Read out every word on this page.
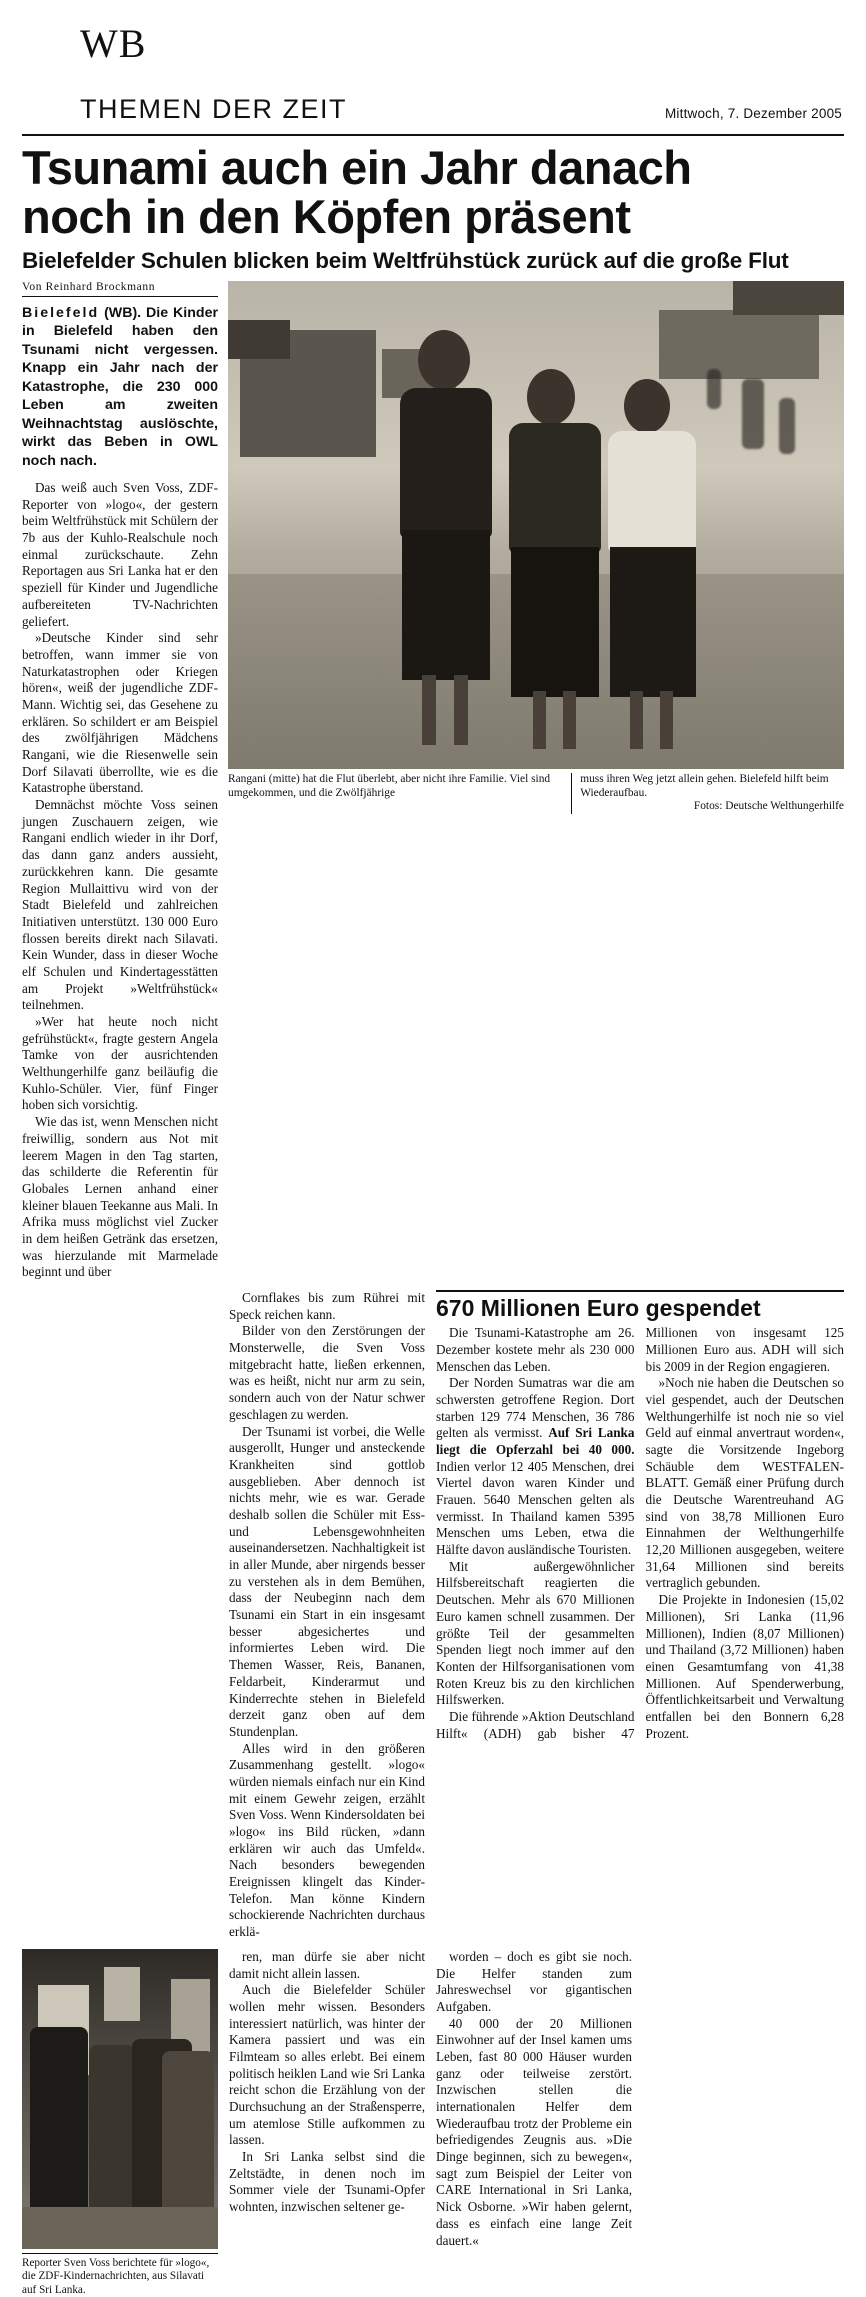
WB
THEMEN DER ZEIT	Mittwoch, 7. Dezember 2005
Tsunami auch ein Jahr danach
noch in den Köpfen präsent
Bielefelder Schulen blicken beim Weltfrühstück zurück auf die große Flut
Von Reinhard Brockmann

Bielefeld (WB). Die Kinder in Bielefeld haben den Tsunami nicht vergessen. Knapp ein Jahr nach der Katastrophe, die 230 000 Leben am zweiten Weihnachtstag auslöschte, wirkt das Beben in OWL noch nach.

Das weiß auch Sven Voss, ZDF-Reporter von »logo«, der gestern beim Weltfrühstück mit Schülern der 7b aus der Kuhlo-Realschule noch einmal zurückschaute. Zehn Reportagen aus Sri Lanka hat er den speziell für Kinder und Jugendliche aufbereiteten TV-Nachrichten geliefert.

»Deutsche Kinder sind sehr betroffen, wann immer sie von Naturkatastrophen oder Kriegen hören«, weiß der jugendliche ZDF-Mann. Wichtig sei, das Gesehene zu erklären. So schildert er am Beispiel des zwölfjährigen Mädchens Rangani, wie die Riesenwelle sein Dorf Silavati überrollte, wie es die Katastrophe überstand.

Demnächst möchte Voss seinen jungen Zuschauern zeigen, wie Rangani endlich wieder in ihr Dorf, das dann ganz anders aussieht, zurückkehren kann. Die gesamte Region Mullaittivu wird von der Stadt Bielefeld und zahlreichen Initiativen unterstützt. 130 000 Euro flossen bereits direkt nach Silavati. Kein Wunder, dass in dieser Woche elf Schulen und Kindertagesstätten am Projekt »Weltfrühstück« teilnehmen.

»Wer hat heute noch nicht gefrühstückt«, fragte gestern Angela Tamke von der ausrichtenden Welthungerhilfe ganz beiläufig die Kuhlo-Schüler. Vier, fünf Finger hoben sich vorsichtig.

Wie das ist, wenn Menschen nicht freiwillig, sondern aus Not mit leerem Magen in den Tag starten, das schilderte die Referentin für Globales Lernen anhand einer kleiner blauen Teekanne aus Mali. In Afrika muss möglichst viel Zucker in dem heißen Getränk das ersetzen, was hierzulande mit Marmelade beginnt und über

Rangani (mitte) hat die Flut überlebt, aber nicht ihre Familie. Viel sind umgekommen, und die Zwölfjährige
muss ihren Weg jetzt allein gehen. Bielefeld hilft beim Wiederaufbau.
Fotos: Deutsche Welthungerhilfe

Cornflakes bis zum Rührei mit Speck reichen kann.

Bilder von den Zerstörungen der Monsterwelle, die Sven Voss mitgebracht hatte, ließen erkennen, was es heißt, nicht nur arm zu sein, sondern auch von der Natur schwer geschlagen zu werden.

Der Tsunami ist vorbei, die Welle ausgerollt, Hunger und ansteckende Krankheiten sind gottlob ausgeblieben. Aber dennoch ist nichts mehr, wie es war. Gerade deshalb sollen die Schüler mit Ess- und Lebensgewohnheiten auseinandersetzen. Nachhaltigkeit ist in aller Munde, aber nirgends besser zu verstehen als in dem Bemühen, dass der Neubeginn nach dem Tsunami ein Start in ein insgesamt besser abgesichertes und informiertes Leben wird. Die Themen Wasser, Reis, Bananen, Feldarbeit, Kinderarmut und Kinderrechte stehen in Bielefeld derzeit ganz oben auf dem Stundenplan.

Alles wird in den größeren Zusammenhang gestellt. »logo« würden niemals einfach nur ein Kind mit einem Gewehr zeigen, erzählt Sven Voss. Wenn Kindersoldaten bei »logo« ins Bild rücken, »dann erklären wir auch das Umfeld«. Nach besonders bewegenden Ereignissen klingelt das Kinder-Telefon. Man könne Kindern schockierende Nachrichten durchaus erklä-

670 Millionen Euro gespendet

Die Tsunami-Katastrophe am 26. Dezember kostete mehr als 230 000 Menschen das Leben.

Der Norden Sumatras war die am schwersten getroffene Region. Dort starben 129 774 Menschen, 36 786 gelten als vermisst. Auf Sri Lanka liegt die Opferzahl bei 40 000. Indien verlor 12 405 Menschen, drei Viertel davon waren Kinder und Frauen. 5640 Menschen gelten als vermisst. In Thailand kamen 5395 Menschen ums Leben, etwa die Hälfte davon ausländische Touristen.

Mit außergewöhnlicher Hilfsbereitschaft reagierten die Deutschen. Mehr als 670 Millionen Euro kamen schnell zusammen. Der größte Teil der gesammelten Spenden liegt noch immer auf den Konten der Hilfsorganisationen vom Roten Kreuz bis zu den kirchlichen Hilfswerken.

Die führende »Aktion Deutschland Hilft« (ADH) gab bisher 47 Millionen von insgesamt 125 Millionen Euro aus. ADH will sich bis 2009 in der Region engagieren.

»Noch nie haben die Deutschen so viel gespendet, auch der Deutschen Welthungerhilfe ist noch nie so viel Geld auf einmal anvertraut worden«, sagte die Vorsitzende Ingeborg Schäuble dem WESTFALEN-BLATT. Gemäß einer Prüfung durch die Deutsche Warentreuhand AG sind von 38,78 Millionen Euro Einnahmen der Welthungerhilfe 12,20 Millionen ausgegeben, weitere 31,64 Millionen sind bereits vertraglich gebunden.

Die Projekte in Indonesien (15,02 Millionen), Sri Lanka (11,96 Millionen), Indien (8,07 Millionen) und Thailand (3,72 Millionen) haben einen Gesamtumfang von 41,38 Millionen. Auf Spenderwerbung, Öffentlichkeitsarbeit und Verwaltung entfallen bei den Bonnern 6,28 Prozent.

Reporter Sven Voss berichtete für »logo«, die ZDF-Kindernachrichten, aus Silavati auf Sri Lanka.

ren, man dürfe sie aber nicht damit nicht allein lassen.

Auch die Bielefelder Schüler wollen mehr wissen. Besonders interessiert natürlich, was hinter der Kamera passiert und was ein Filmteam so alles erlebt. Bei einem politisch heiklen Land wie Sri Lanka reicht schon die Erzählung von der Durchsuchung an der Straßensperre, um atemlose Stille aufkommen zu lassen.

In Sri Lanka selbst sind die Zeltstädte, in denen noch im Sommer viele der Tsunami-Opfer wohnten, inzwischen seltener ge-

worden – doch es gibt sie noch. Die Helfer standen zum Jahreswechsel vor gigantischen Aufgaben.

40 000 der 20 Millionen Einwohner auf der Insel kamen ums Leben, fast 80 000 Häuser wurden ganz oder teilweise zerstört. Inzwischen stellen die internationalen Helfer dem Wiederaufbau trotz der Probleme ein befriedigendes Zeugnis aus. »Die Dinge beginnen, sich zu bewegen«, sagt zum Beispiel der Leiter von CARE International in Sri Lanka, Nick Osborne. »Wir haben gelernt, dass es einfach eine lange Zeit dauert.«
